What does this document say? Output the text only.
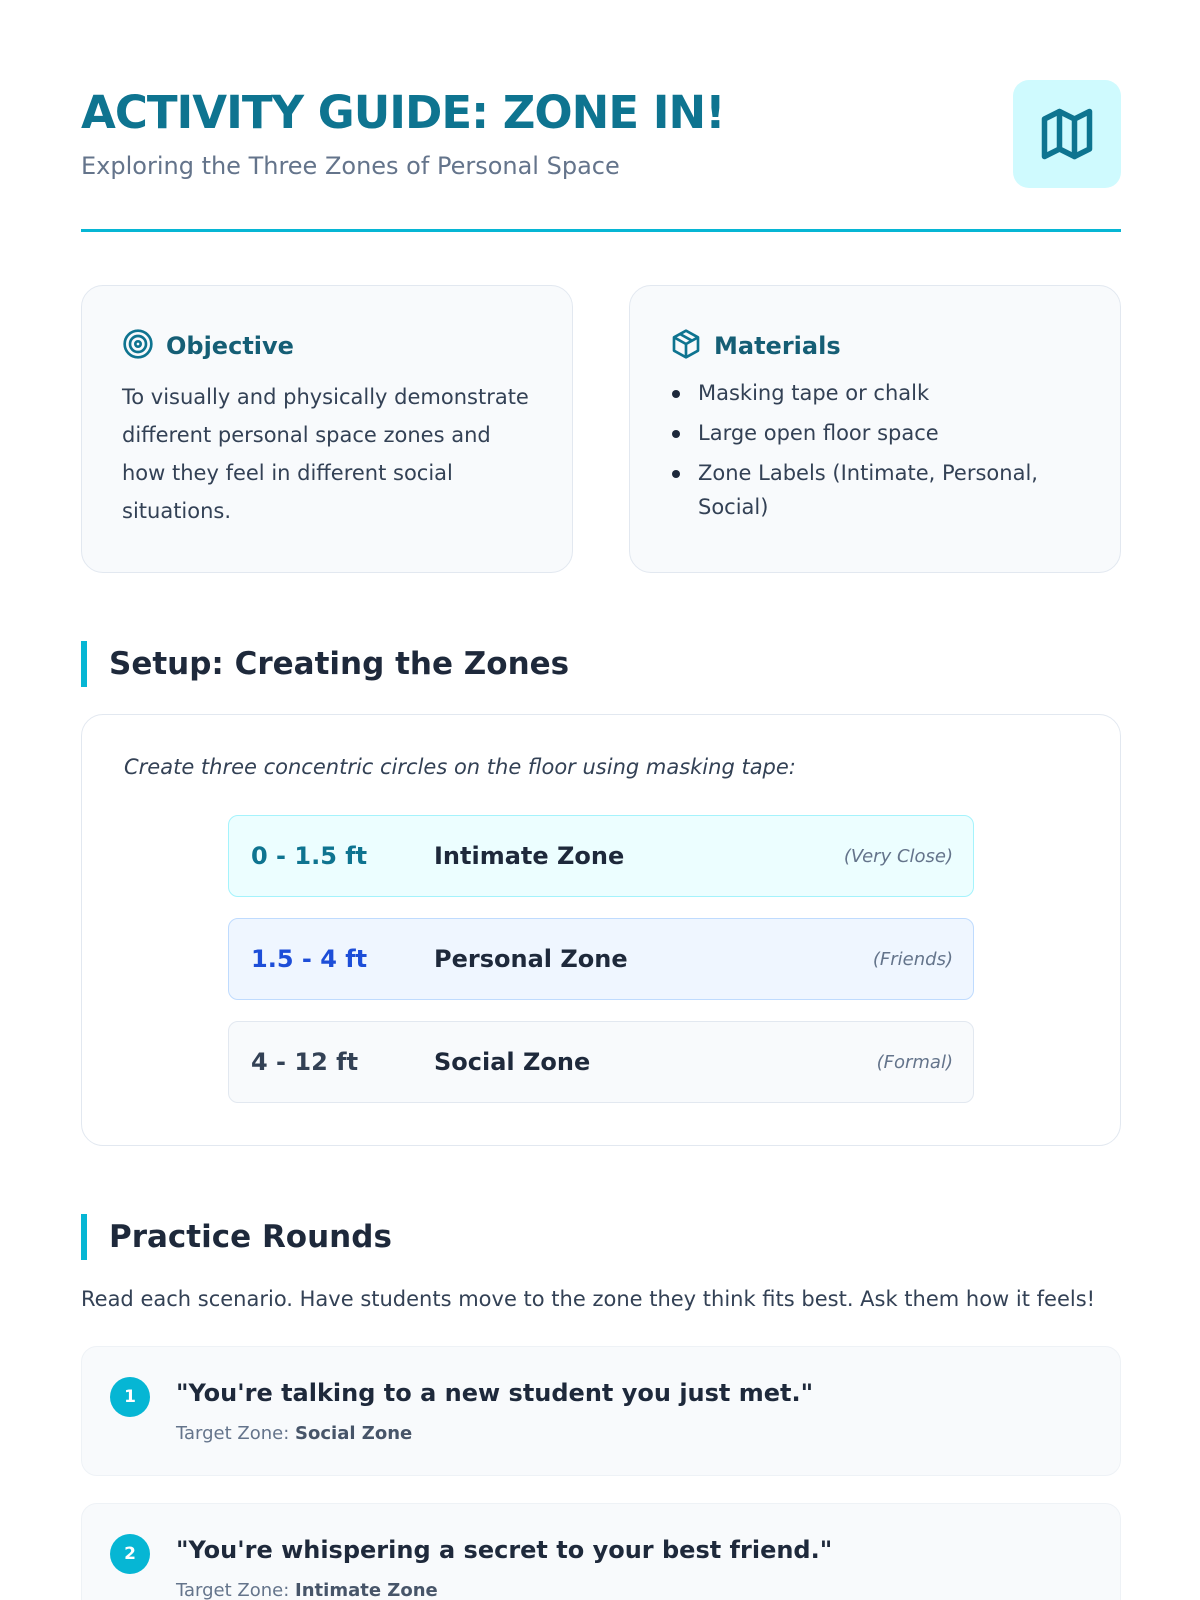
ACTIVITY GUIDE: ZONE IN!
Exploring the Three Zones of Personal Space
Objective
To visually and physically demonstrate different personal space zones and how they feel in different social situations.
Materials
Masking tape or chalk
Large open floor space
Zone Labels (Intimate, Personal, Social)
Setup: Creating the Zones
Create three concentric circles on the floor using masking tape:
0 - 1.5 ft	Intimate Zone	(Very Close)
1.5 - 4 ft	Personal Zone	(Friends)
4 - 12 ft	Social Zone	(Formal)
Practice Rounds
Read each scenario. Have students move to the zone they think fits best. Ask them how it feels!
1	"You're talking to a new student you just met."
Target Zone: Social Zone
2	"You're whispering a secret to your best friend."
Target Zone: Intimate Zone
